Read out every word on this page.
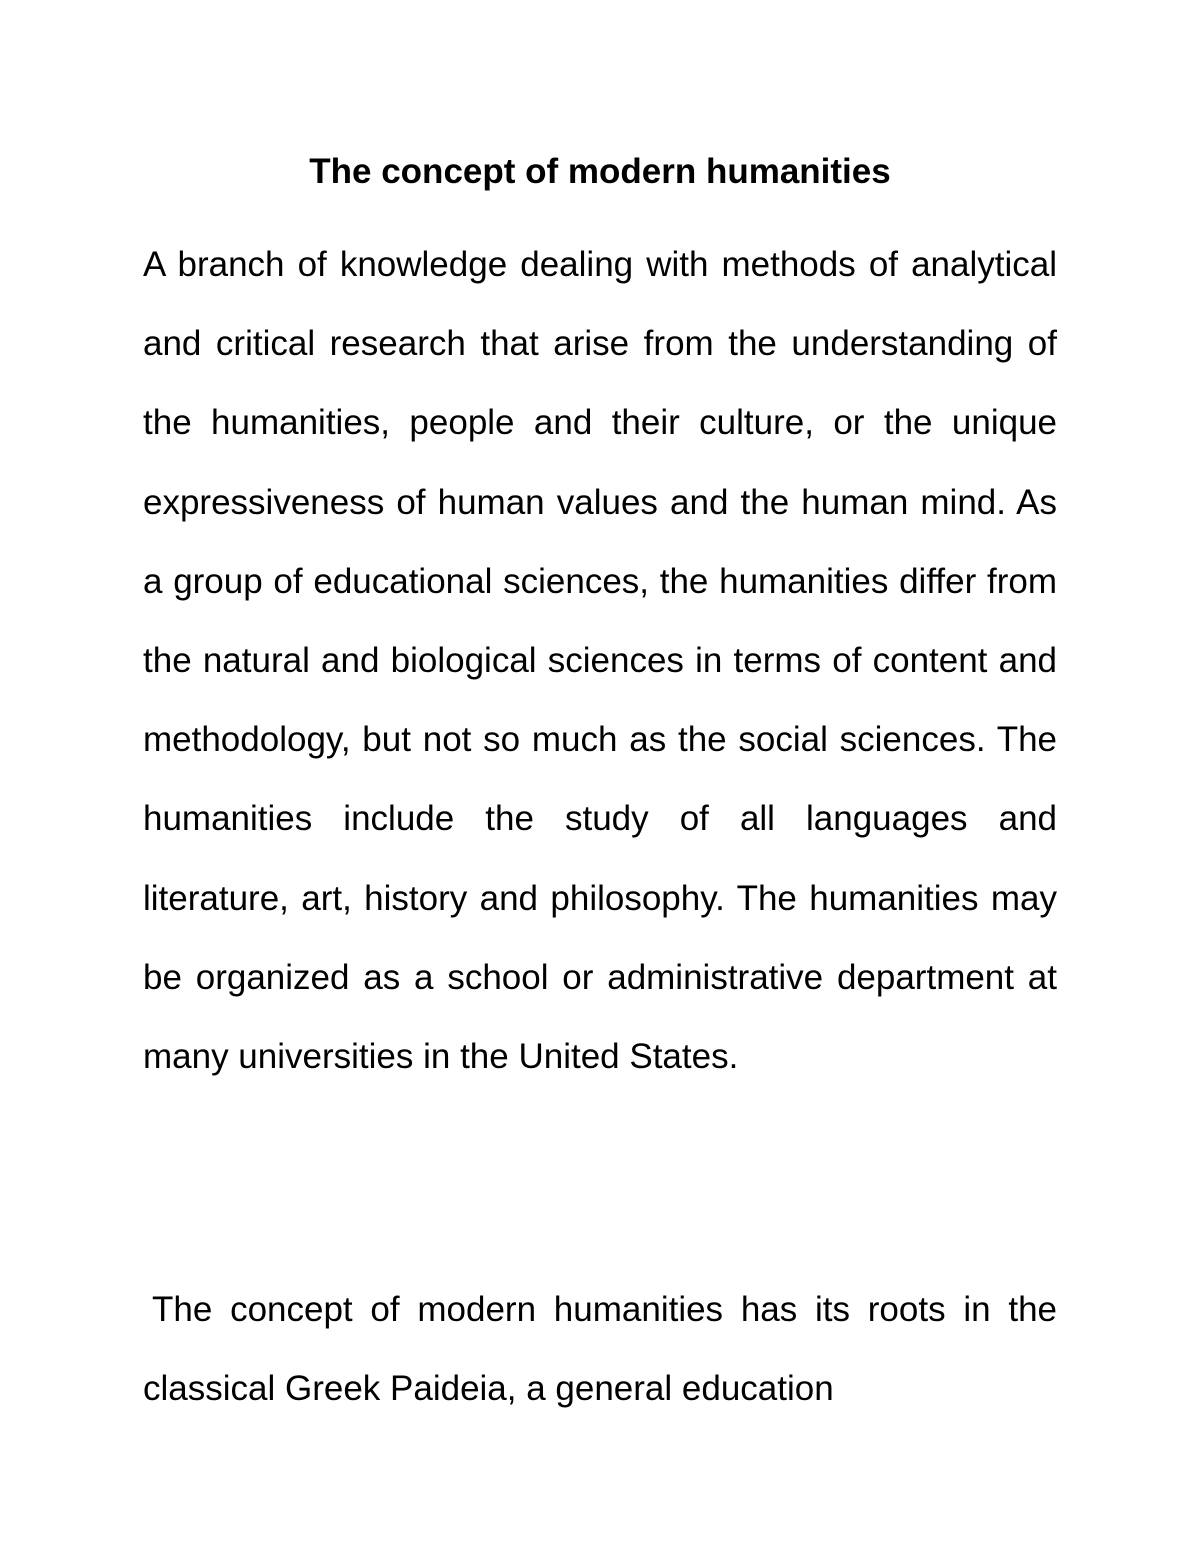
The concept of modern humanities

A branch of knowledge dealing with methods of analytical and critical research that arise from the understanding of the humanities, people and their culture, or the unique expressiveness of human values and the human mind. As a group of educational sciences, the humanities differ from the natural and biological sciences in terms of content and methodology, but not so much as the social sciences. The humanities include the study of all languages and literature, art, history and philosophy. The humanities may be organized as a school or administrative department at many universities in the United States.

The concept of modern humanities has its roots in the classical Greek Paideia, a general education
